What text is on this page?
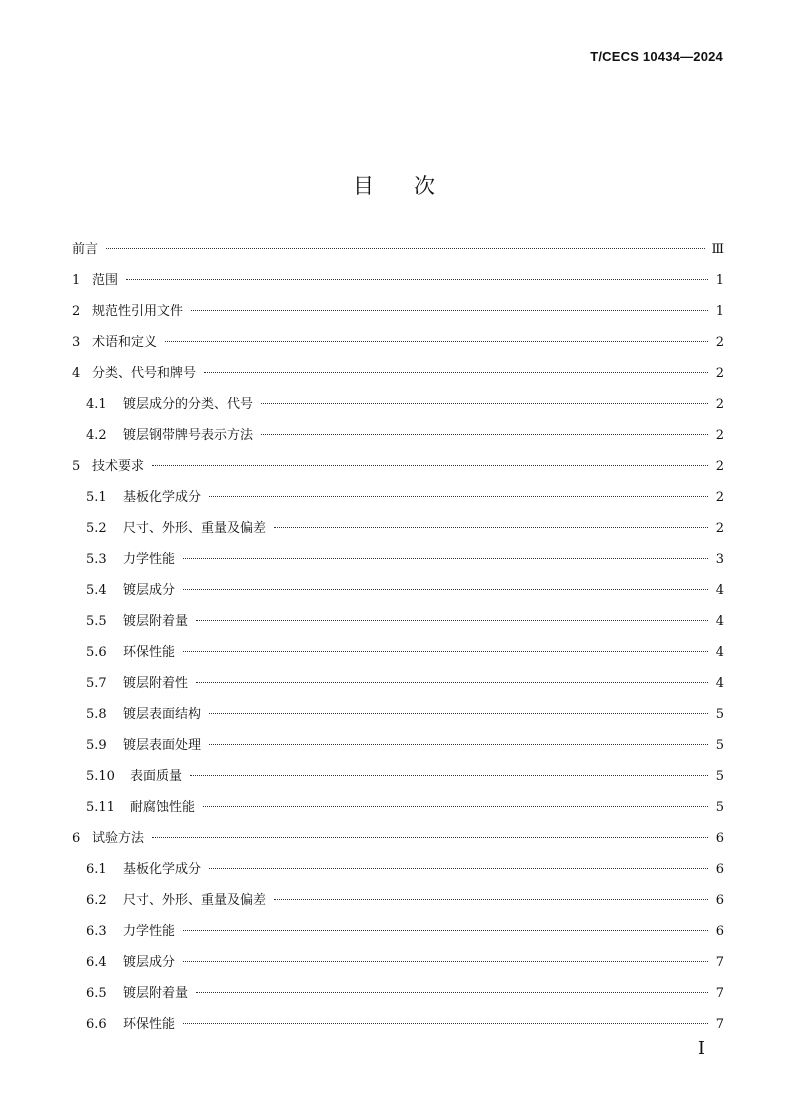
T/CECS 10434—2024
目 次
前言	Ⅲ
1 范围	1
2 规范性引用文件	1
3 术语和定义	2
4 分类、代号和牌号	2
4.1	镀层成分的分类、代号	2
4.2	镀层钢带牌号表示方法	2
5 技术要求	2
5.1	基板化学成分	2
5.2	尺寸、外形、重量及偏差	2
5.3	力学性能	3
5.4	镀层成分	4
5.5	镀层附着量	4
5.6	环保性能	4
5.7	镀层附着性	4
5.8	镀层表面结构	5
5.9	镀层表面处理	5
5.10	表面质量	5
5.11	耐腐蚀性能	5
6 试验方法	6
6.1	基板化学成分	6
6.2	尺寸、外形、重量及偏差	6
6.3	力学性能	6
6.4	镀层成分	7
6.5	镀层附着量	7
6.6	环保性能	7
Ⅰ
